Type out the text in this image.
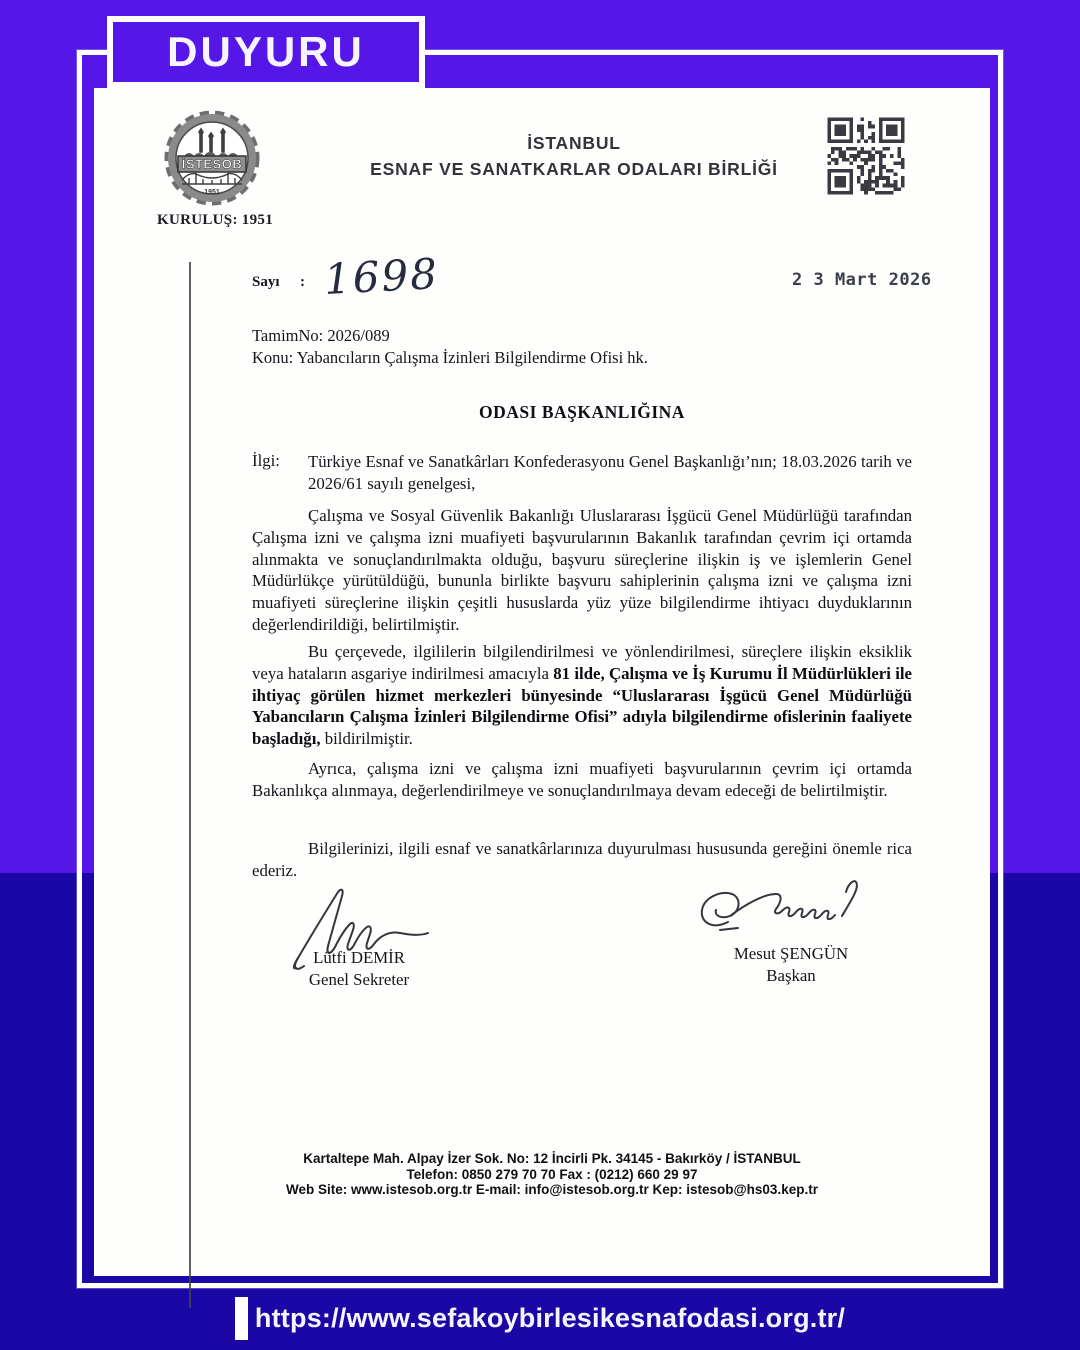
DUYURU
İSTESOB
1951
KURULUŞ: 1951
İSTANBUL
ESNAF VE SANATKARLAR ODALARI BİRLİĞİ
Sayı : 1698	2 3 Mart 2026
TamimNo: 2026/089
Konu: Yabancıların Çalışma İzinleri Bilgilendirme Ofisi hk.
ODASI BAŞKANLIĞINA
İlgi:	Türkiye Esnaf ve Sanatkârları Konfederasyonu Genel Başkanlığı’nın; 18.03.2026 tarih ve 2026/61 sayılı genelgesi,
Çalışma ve Sosyal Güvenlik Bakanlığı Uluslararası İşgücü Genel Müdürlüğü tarafından Çalışma izni ve çalışma izni muafiyeti başvurularının Bakanlık tarafından çevrim içi ortamda alınmakta ve sonuçlandırılmakta olduğu, başvuru süreçlerine ilişkin iş ve işlemlerin Genel Müdürlükçe yürütüldüğü, bununla birlikte başvuru sahiplerinin çalışma izni ve çalışma izni muafiyeti süreçlerine ilişkin çeşitli hususlarda yüz yüze bilgilendirme ihtiyacı duyduklarının değerlendirildiği, belirtilmiştir.
Bu çerçevede, ilgililerin bilgilendirilmesi ve yönlendirilmesi, süreçlere ilişkin eksiklik veya hataların asgariye indirilmesi amacıyla 81 ilde, Çalışma ve İş Kurumu İl Müdürlükleri ile ihtiyaç görülen hizmet merkezleri bünyesinde “Uluslararası İşgücü Genel Müdürlüğü Yabancıların Çalışma İzinleri Bilgilendirme Ofisi” adıyla bilgilendirme ofislerinin faaliyete başladığı, bildirilmiştir.
Ayrıca, çalışma izni ve çalışma izni muafiyeti başvurularının çevrim içi ortamda Bakanlıkça alınmaya, değerlendirilmeye ve sonuçlandırılmaya devam edeceği de belirtilmiştir.
Bilgilerinizi, ilgili esnaf ve sanatkârlarınıza duyurulması hususunda gereğini önemle rica ederiz.
Lütfi DEMİR
Genel Sekreter
Mesut ŞENGÜN
Başkan
Kartaltepe Mah. Alpay İzer Sok. No: 12 İncirli Pk. 34145 - Bakırköy / İSTANBUL
Telefon: 0850 279 70 70 Fax : (0212) 660 29 97
Web Site: www.istesob.org.tr E-mail: info@istesob.org.tr Kep: istesob@hs03.kep.tr
https://www.sefakoybirlesikesnafodasi.org.tr/
